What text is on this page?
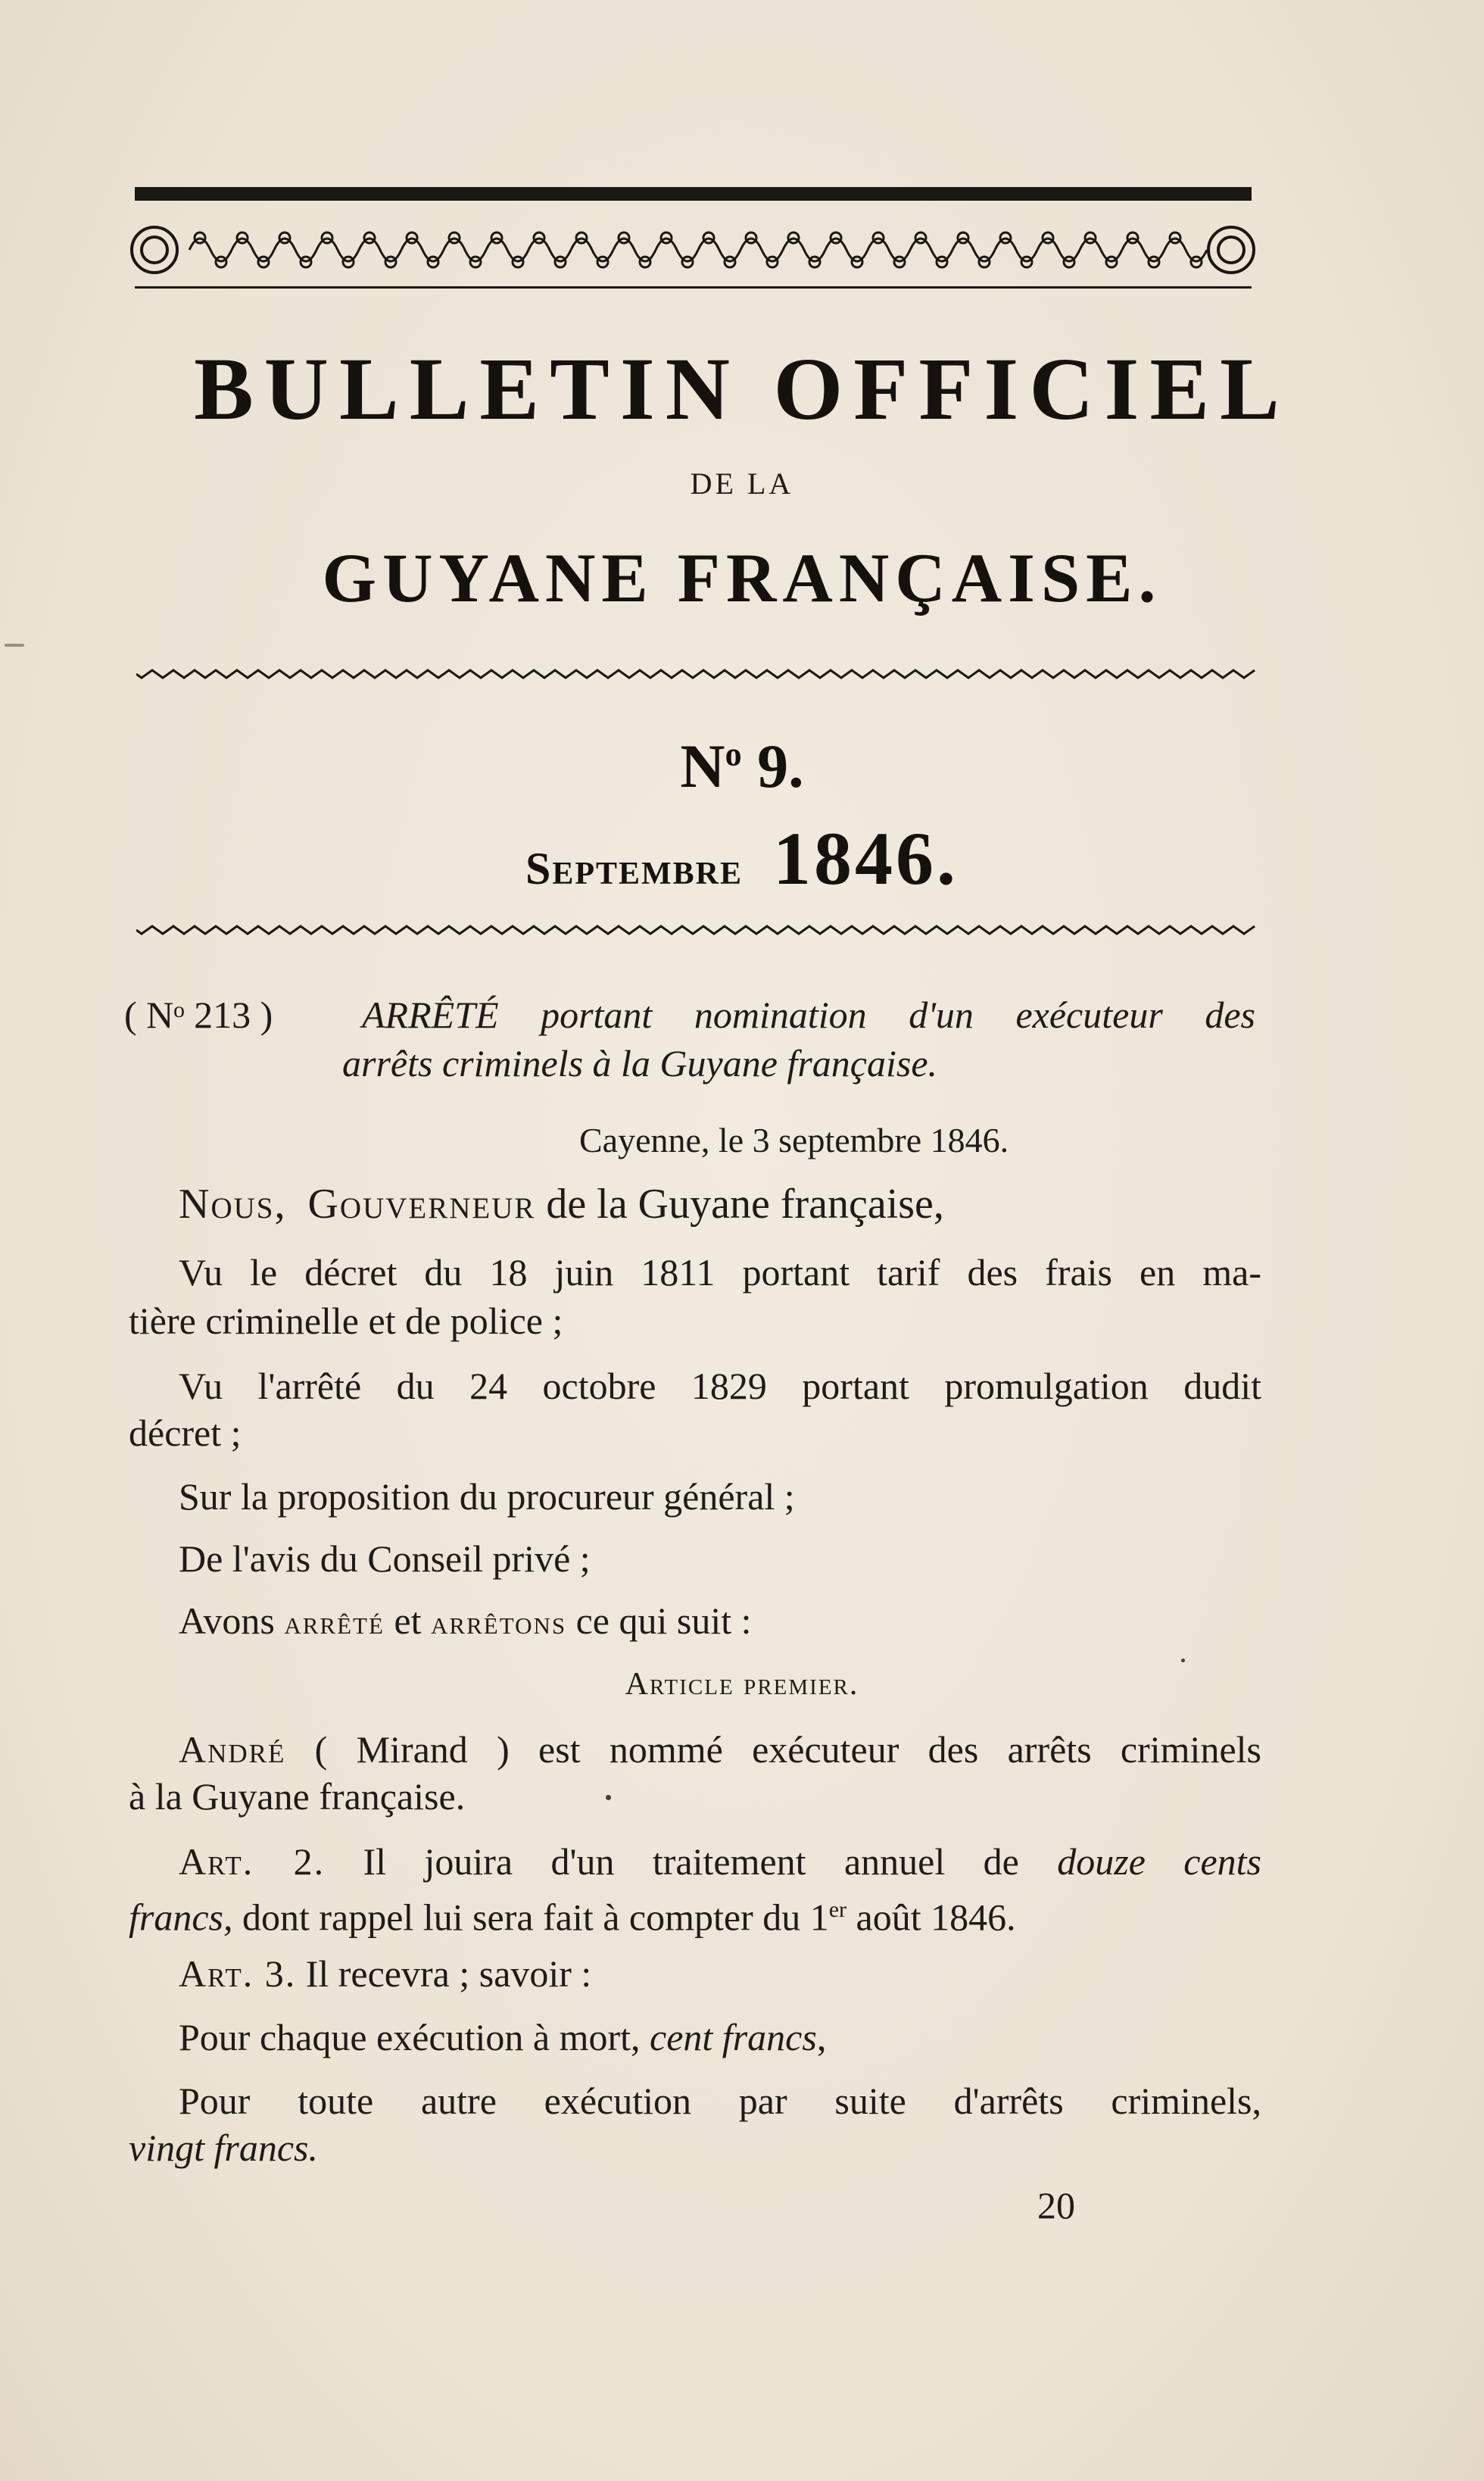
BULLETIN OFFICIEL
DE LA
GUYANE FRANÇAISE.
$N^o$ 9.
Septembre 1846.
( Nᵒ 213 ) ARRÊTÉ portant nomination d'un exécuteur des
arrêts criminels à la Guyane française.
Cayenne, le 3 septembre 1846.
Nous, Gouverneur de la Guyane française,
Vu le décret du 18 juin 1811 portant tarif des frais en ma-
tière criminelle et de police ;
Vu l'arrêté du 24 octobre 1829 portant promulgation dudit
décret ;
Sur la proposition du procureur général ;
De l'avis du Conseil privé ;
Avons arrêté et arrêtons ce qui suit :
Article premier.
André ( Mirand ) est nommé exécuteur des arrêts criminels
à la Guyane française.
Art. 2. Il jouira d'un traitement annuel de douze cents
francs, dont rappel lui sera fait à compter du 1er août 1846.
Art. 3. Il recevra ; savoir :
Pour chaque exécution à mort, cent francs,
Pour toute autre exécution par suite d'arrêts criminels,
vingt francs.
20
